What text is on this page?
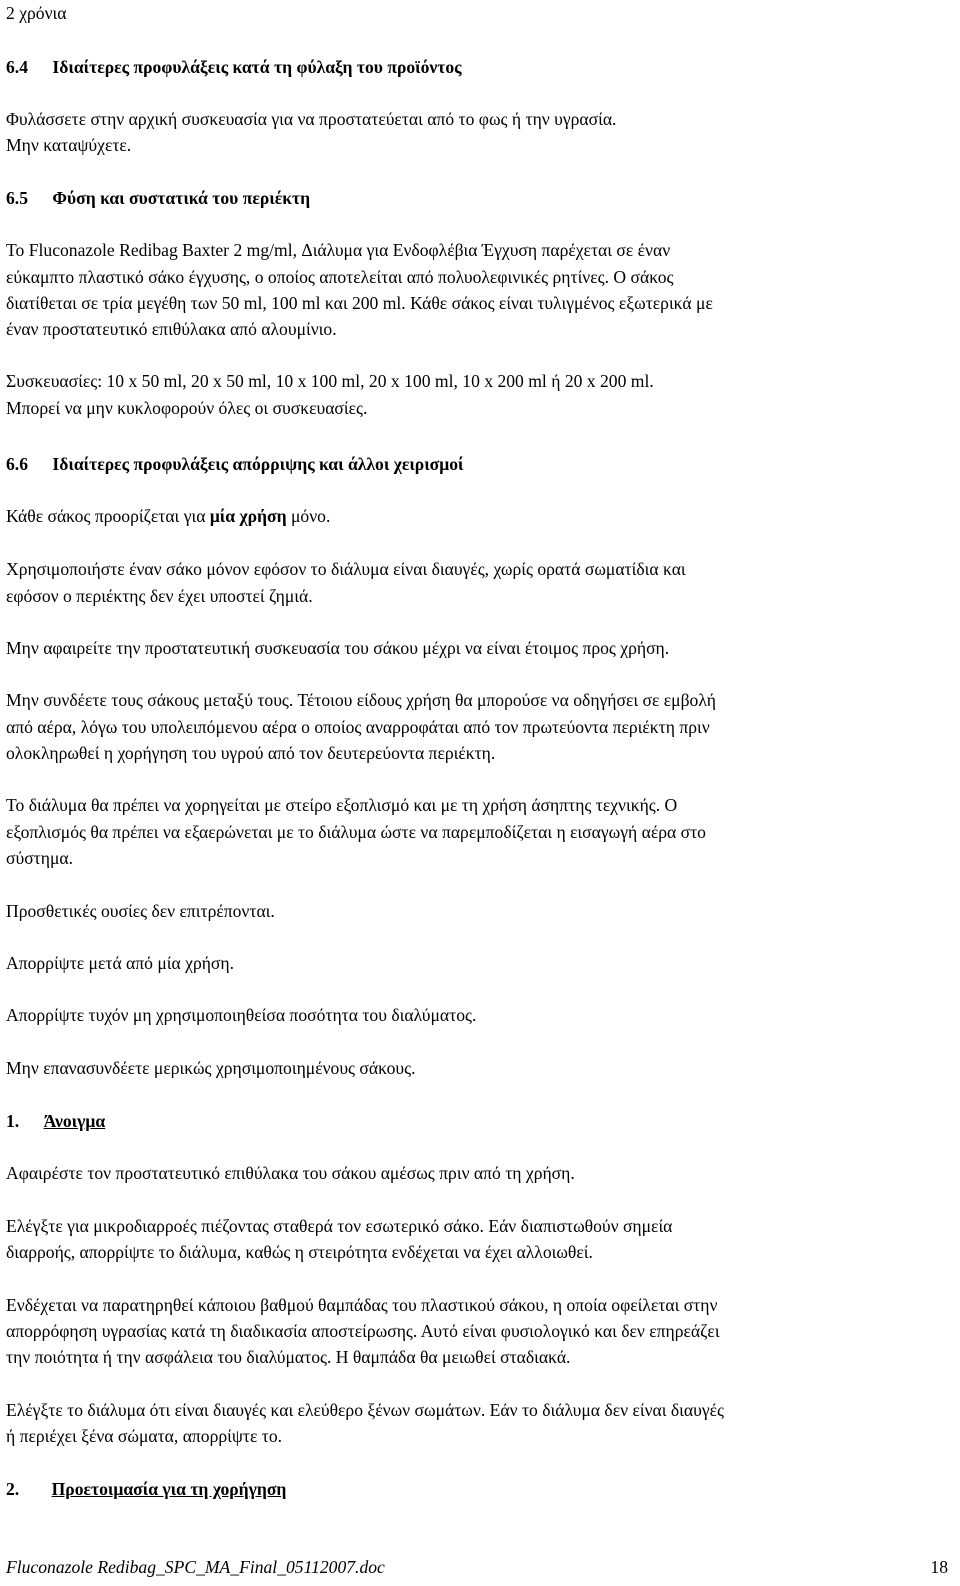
2 χρόνια
6.4 Ιδιαίτερες προφυλάξεις κατά τη φύλαξη του προϊόντος
Φυλάσσετε στην αρχική συσκευασία για να προστατεύεται από το φως ή την υγρασία.
Μην καταψύχετε.
6.5 Φύση και συστατικά του περιέκτη
Το Fluconazole Redibag Baxter 2 mg/ml, Διάλυμα για Ενδοφλέβια Έγχυση παρέχεται σε έναν
εύκαμπτο πλαστικό σάκο έγχυσης, ο οποίος αποτελείται από πολυολεφινικές ρητίνες. Ο σάκος
διατίθεται σε τρία μεγέθη των 50 ml, 100 ml και 200 ml. Κάθε σάκος είναι τυλιγμένος εξωτερικά με
έναν προστατευτικό επιθύλακα από αλουμίνιο.
Συσκευασίες: 10 x 50 ml, 20 x 50 ml, 10 x 100 ml, 20 x 100 ml, 10 x 200 ml ή 20 x 200 ml.
Μπορεί να μην κυκλοφορούν όλες οι συσκευασίες.
6.6 Ιδιαίτερες προφυλάξεις απόρριψης και άλλοι χειρισμοί
Κάθε σάκος προορίζεται για μία χρήση μόνο.
Χρησιμοποιήστε έναν σάκο μόνον εφόσον το διάλυμα είναι διαυγές, χωρίς ορατά σωματίδια και
εφόσον ο περιέκτης δεν έχει υποστεί ζημιά.
Μην αφαιρείτε την προστατευτική συσκευασία του σάκου μέχρι να είναι έτοιμος προς χρήση.
Μην συνδέετε τους σάκους μεταξύ τους. Τέτοιου είδους χρήση θα μπορούσε να οδηγήσει σε εμβολή
από αέρα, λόγω του υπολειπόμενου αέρα ο οποίος αναρροφάται από τον πρωτεύοντα περιέκτη πριν
ολοκληρωθεί η χορήγηση του υγρού από τον δευτερεύοντα περιέκτη.
Το διάλυμα θα πρέπει να χορηγείται με στείρο εξοπλισμό και με τη χρήση άσηπτης τεχνικής. Ο
εξοπλισμός θα πρέπει να εξαερώνεται με το διάλυμα ώστε να παρεμποδίζεται η εισαγωγή αέρα στο
σύστημα.
Προσθετικές ουσίες δεν επιτρέπονται.
Απορρίψτε μετά από μία χρήση.
Απορρίψτε τυχόν μη χρησιμοποιηθείσα ποσότητα του διαλύματος.
Μην επανασυνδέετε μερικώς χρησιμοποιημένους σάκους.
1. Άνοιγμα
Αφαιρέστε τον προστατευτικό επιθύλακα του σάκου αμέσως πριν από τη χρήση.
Ελέγξτε για μικροδιαρροές πιέζοντας σταθερά τον εσωτερικό σάκο. Εάν διαπιστωθούν σημεία
διαρροής, απορρίψτε το διάλυμα, καθώς η στειρότητα ενδέχεται να έχει αλλοιωθεί.
Ενδέχεται να παρατηρηθεί κάποιου βαθμού θαμπάδας του πλαστικού σάκου, η οποία οφείλεται στην
απορρόφηση υγρασίας κατά τη διαδικασία αποστείρωσης. Αυτό είναι φυσιολογικό και δεν επηρεάζει
την ποιότητα ή την ασφάλεια του διαλύματος. Η θαμπάδα θα μειωθεί σταδιακά.
Ελέγξτε το διάλυμα ότι είναι διαυγές και ελεύθερο ξένων σωμάτων. Εάν το διάλυμα δεν είναι διαυγές
ή περιέχει ξένα σώματα, απορρίψτε το.
2. Προετοιμασία για τη χορήγηση
Fluconazole Redibag_SPC_MA_Final_05112007.doc	18
